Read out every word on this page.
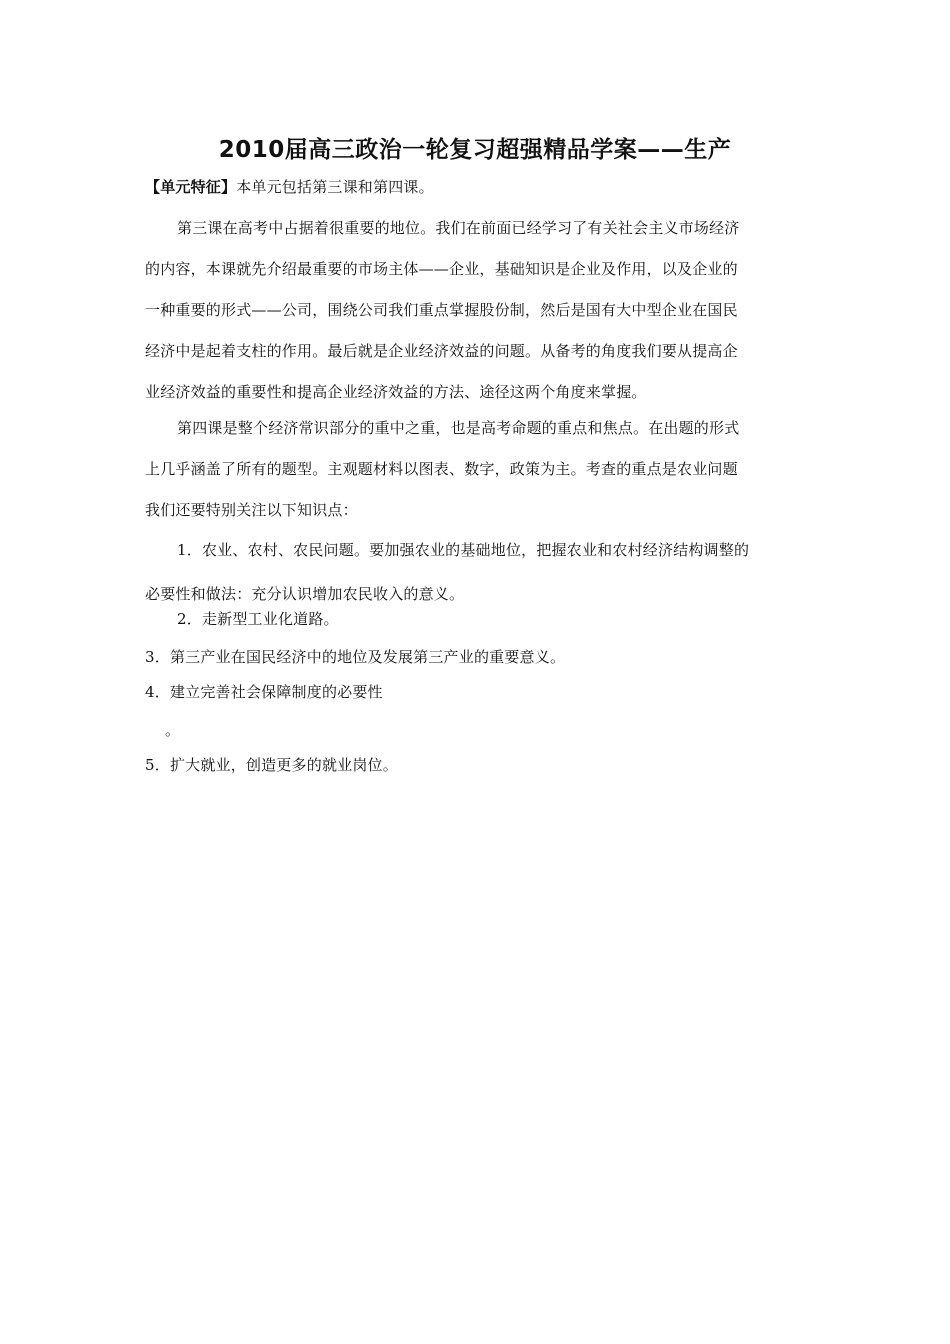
2010届高三政治一轮复习超强精品学案——生产

【单元特征】本单元包括第三课和第四课。

第三课在高考中占据着很重要的地位。我们在前面已经学习了有关社会主义市场经济

的内容，本课就先介绍最重要的市场主体——企业，基础知识是企业及作用，以及企业的

一种重要的形式——公司，围绕公司我们重点掌握股份制，然后是国有大中型企业在国民

经济中是起着支柱的作用。最后就是企业经济效益的问题。从备考的角度我们要从提高企

业经济效益的重要性和提高企业经济效益的方法、途径这两个角度来掌握。

第四课是整个经济常识部分的重中之重，也是高考命题的重点和焦点。在出题的形式

上几乎涵盖了所有的题型。主观题材料以图表、数字，政策为主。考查的重点是农业问题

我们还要特别关注以下知识点：

1．农业、农村、农民问题。要加强农业的基础地位，把握农业和农村经济结构调整的

必要性和做法：充分认识增加农民收入的意义。

2．走新型工业化道路。

3．第三产业在国民经济中的地位及发展第三产业的重要意义。

4．建立完善社会保障制度的必要性

。

5．扩大就业，创造更多的就业岗位。
